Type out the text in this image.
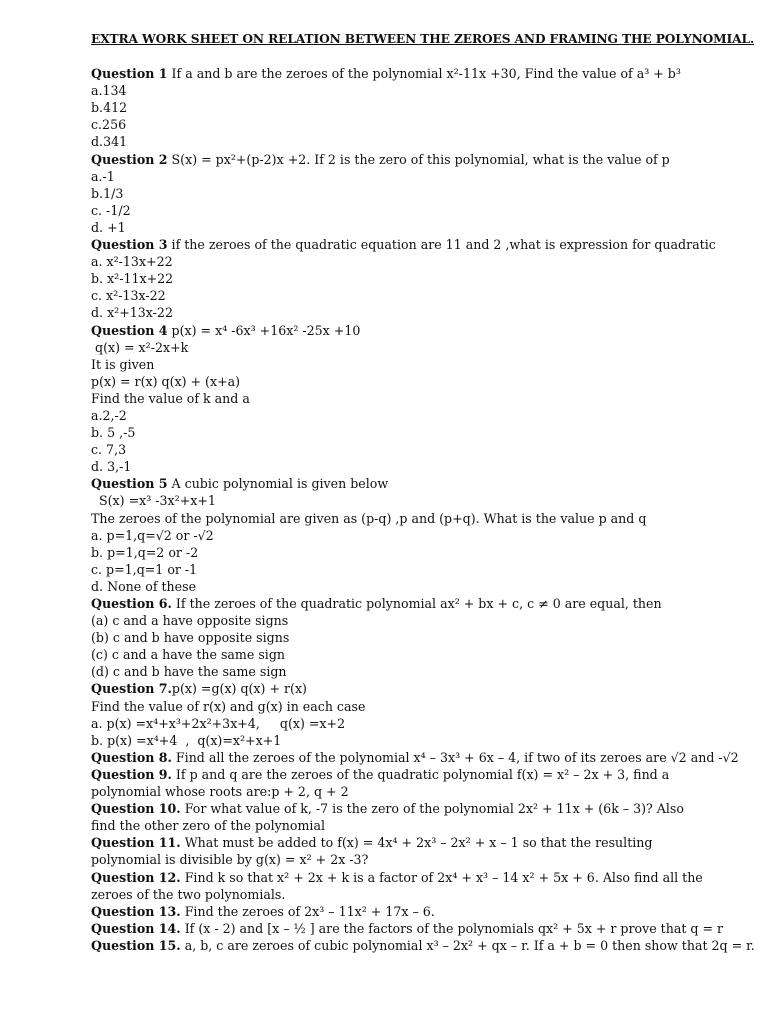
EXTRA WORK SHEET ON RELATION BETWEEN THE ZEROES AND FRAMING THE POLYNOMIAL.
Question 1 If a and b are the zeroes of the polynomial x²-11x +30, Find the value of a³ + b³
a.134
b.412
c.256
d.341
Question 2 S(x) = px²+(p-2)x +2. If 2 is the zero of this polynomial, what is the value of p
a.-1
b.1/3
c. -1/2
d. +1
Question 3 if the zeroes of the quadratic equation are 11 and 2 ,what is expression for quadratic
a. x²-13x+22
b. x²-11x+22
c. x²-13x-22
d. x²+13x-22
Question 4 p(x) = x⁴ -6x³ +16x² -25x +10
q(x) = x²-2x+k
It is given
p(x) = r(x) q(x) + (x+a)
Find the value of k and a
a.2,-2
b. 5 ,-5
c. 7,3
d. 3,-1
Question 5 A cubic polynomial is given below
S(x) =x³ -3x²+x+1
The zeroes of the polynomial are given as (p-q) ,p and (p+q). What is the value p and q
a. p=1,q=√2 or -√2
b. p=1,q=2 or -2
c. p=1,q=1 or -1
d. None of these
Question 6. If the zeroes of the quadratic polynomial ax² + bx + c, c ≠ 0 are equal, then
(a) c and a have opposite signs
(b) c and b have opposite signs
(c) c and a have the same sign
(d) c and b have the same sign
Question 7.p(x) =g(x) q(x) + r(x)
Find the value of r(x) and g(x) in each case
a. p(x) =x⁴+x³+2x²+3x+4,     q(x) =x+2
b. p(x) =x⁴+4  ,  q(x)=x²+x+1
Question 8. Find all the zeroes of the polynomial x⁴ – 3x³ + 6x – 4, if two of its zeroes are √2 and -√2
Question 9. If p and q are the zeroes of the quadratic polynomial f(x) = x² – 2x + 3, find a polynomial whose roots are:p + 2, q + 2
Question 10. For what value of k, -7 is the zero of the polynomial 2x² + 11x + (6k – 3)? Also find the other zero of the polynomial
Question 11. What must be added to f(x) = 4x⁴ + 2x³ – 2x² + x – 1 so that the resulting polynomial is divisible by g(x) = x² + 2x -3?
Question 12. Find k so that x² + 2x + k is a factor of 2x⁴ + x³ – 14 x² + 5x + 6. Also find all the zeroes of the two polynomials.
Question 13. Find the zeroes of 2x³ – 11x² + 17x – 6.
Question 14. If (x - 2) and [x – ½ ] are the factors of the polynomials qx² + 5x + r prove that q = r
Question 15. a, b, c are zeroes of cubic polynomial x³ – 2x² + qx – r. If a + b = 0 then show that 2q = r.
